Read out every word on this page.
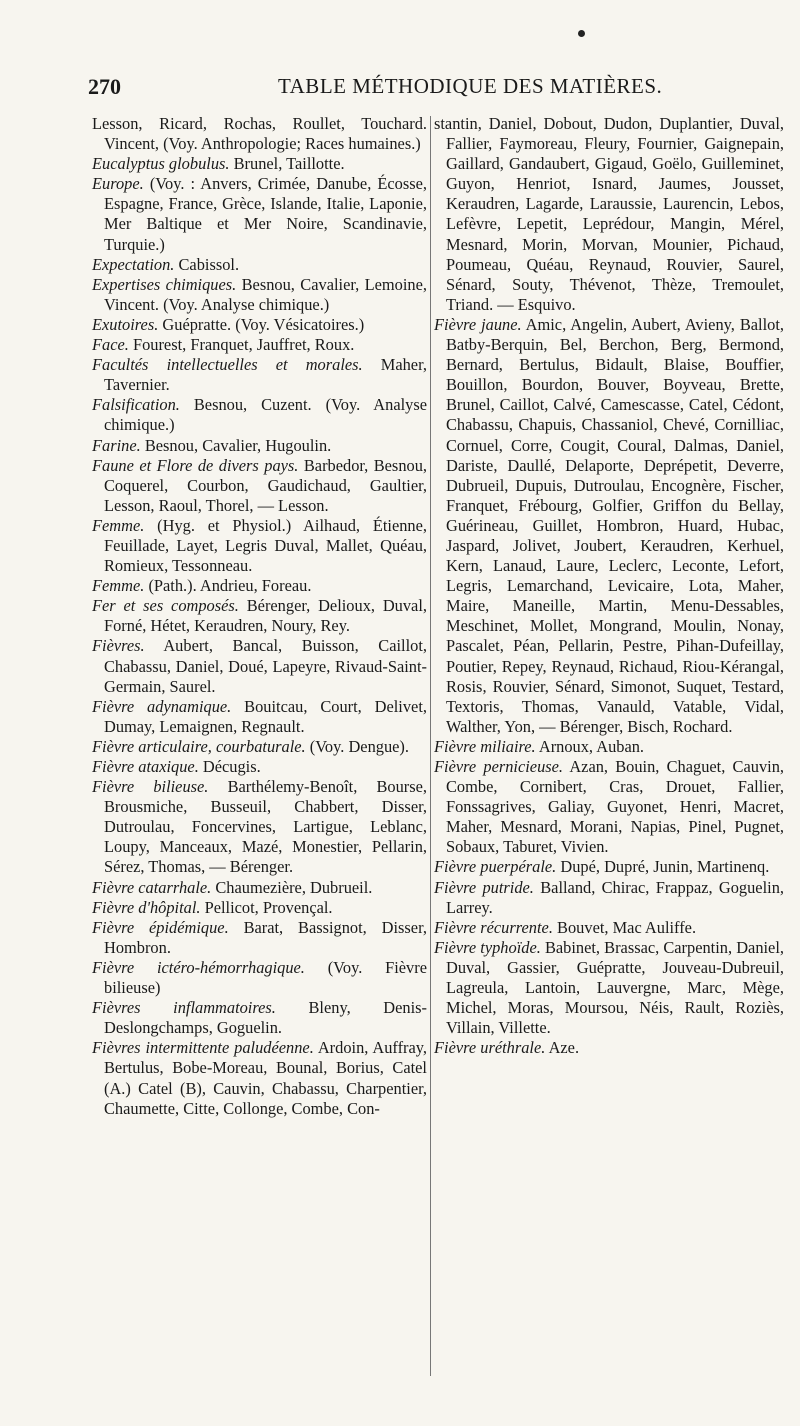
270	TABLE MÉTHODIQUE DES MATIÈRES.

Lesson, Ricard, Rochas, Roullet, Touchard. Vincent, (Voy. Anthropologie; Races humaines.)

Eucalyptus globulus. Brunel, Taillotte.

Europe. (Voy. : Anvers, Crimée, Danube, Écosse, Espagne, France, Grèce, Islande, Italie, Laponie, Mer Baltique et Mer Noire, Scandinavie, Turquie.)

Expectation. Cabissol.

Expertises chimiques. Besnou, Cavalier, Lemoine, Vincent. (Voy. Analyse chimique.)

Exutoires. Guépratte. (Voy. Vésicatoires.)

Face. Fourest, Franquet, Jauffret, Roux.

Facultés intellectuelles et morales. Maher, Tavernier.

Falsification. Besnou, Cuzent. (Voy. Analyse chimique.)

Farine. Besnou, Cavalier, Hugoulin.

Faune et Flore de divers pays. Barbedor, Besnou, Coquerel, Courbon, Gaudichaud, Gaultier, Lesson, Raoul, Thorel, — Lesson.

Femme. (Hyg. et Physiol.) Ailhaud, Étienne, Feuillade, Layet, Legris Duval, Mallet, Quéau, Romieux, Tessonneau.

Femme. (Path.). Andrieu, Foreau.

Fer et ses composés. Bérenger, Delioux, Duval, Forné, Hétet, Keraudren, Noury, Rey.

Fièvres. Aubert, Bancal, Buisson, Caillot, Chabassu, Daniel, Doué, Lapeyre, Rivaud-Saint-Germain, Saurel.

Fièvre adynamique. Bouitcau, Court, Delivet, Dumay, Lemaignen, Regnault.

Fièvre articulaire, courbaturale. (Voy. Dengue).

Fièvre ataxique. Décugis.

Fièvre bilieuse. Barthélemy-Benoît, Bourse, Brousmiche, Busseuil, Chabbert, Disser, Dutroulau, Foncervines, Lartigue, Leblanc, Loupy, Manceaux, Mazé, Monestier, Pellarin, Sérez, Thomas, — Bérenger.

Fièvre catarrhale. Chaumezière, Dubrueil.

Fièvre d'hôpital. Pellicot, Provençal.

Fièvre épidémique. Barat, Bassignot, Disser, Hombron.

Fièvre ictéro-hémorrhagique. (Voy. Fièvre bilieuse)

Fièvres inflammatoires. Bleny, Denis-Deslongchamps, Goguelin.

Fièvres intermittente paludéenne. Ardoin, Auffray, Bertulus, Bobe-Moreau, Bounal, Borius, Catel (A.) Catel (B), Cauvin, Chabassu, Charpentier, Chaumette, Citte, Collonge, Combe, Con-

stantin, Daniel, Dobout, Dudon, Duplantier, Duval, Fallier, Faymoreau, Fleury, Fournier, Gaignepain, Gaillard, Gandaubert, Gigaud, Goëlo, Guilleminet, Guyon, Henriot, Isnard, Jaumes, Jousset, Keraudren, Lagarde, Laraussie, Laurencin, Lebos, Lefèvre, Lepetit, Leprédour, Mangin, Mérel, Mesnard, Morin, Morvan, Mounier, Pichaud, Poumeau, Quéau, Reynaud, Rouvier, Saurel, Sénard, Souty, Thévenot, Thèze, Tremoulet, Triand. — Esquivo.

Fièvre jaune. Amic, Angelin, Aubert, Avieny, Ballot, Batby-Berquin, Bel, Berchon, Berg, Bermond, Bernard, Bertulus, Bidault, Blaise, Bouffier, Bouillon, Bourdon, Bouver, Boyveau, Brette, Brunel, Caillot, Calvé, Camescasse, Catel, Cédont, Chabassu, Chapuis, Chassaniol, Chevé, Cornilliac, Cornuel, Corre, Cougit, Coural, Dalmas, Daniel, Dariste, Daullé, Delaporte, Deprépetit, Deverre, Dubrueil, Dupuis, Dutroulau, Encognère, Fischer, Franquet, Frébourg, Golfier, Griffon du Bellay, Guérineau, Guillet, Hombron, Huard, Hubac, Jaspard, Jolivet, Joubert, Keraudren, Kerhuel, Kern, Lanaud, Laure, Leclerc, Leconte, Lefort, Legris, Lemarchand, Levicaire, Lota, Maher, Maire, Maneille, Martin, Menu-Dessables, Meschinet, Mollet, Mongrand, Moulin, Nonay, Pascalet, Péan, Pellarin, Pestre, Pihan-Dufeillay, Poutier, Repey, Reynaud, Richaud, Riou-Kérangal, Rosis, Rouvier, Sénard, Simonot, Suquet, Testard, Textoris, Thomas, Vanauld, Vatable, Vidal, Walther, Yon, — Bérenger, Bisch, Rochard.

Fièvre miliaire. Arnoux, Auban.

Fièvre pernicieuse. Azan, Bouin, Chaguet, Cauvin, Combe, Cornibert, Cras, Drouet, Fallier, Fonssagrives, Galiay, Guyonet, Henri, Macret, Maher, Mesnard, Morani, Napias, Pinel, Pugnet, Sobaux, Taburet, Vivien.

Fièvre puerpérale. Dupé, Dupré, Junin, Martinenq.

Fièvre putride. Balland, Chirac, Frappaz, Goguelin, Larrey.

Fièvre récurrente. Bouvet, Mac Auliffe.

Fièvre typhoïde. Babinet, Brassac, Carpentin, Daniel, Duval, Gassier, Guépratte, Jouveau-Dubreuil, Lagreula, Lantoin, Lauvergne, Marc, Mège, Michel, Moras, Moursou, Néis, Rault, Roziès, Villain, Villette.

Fièvre uréthrale. Aze.
